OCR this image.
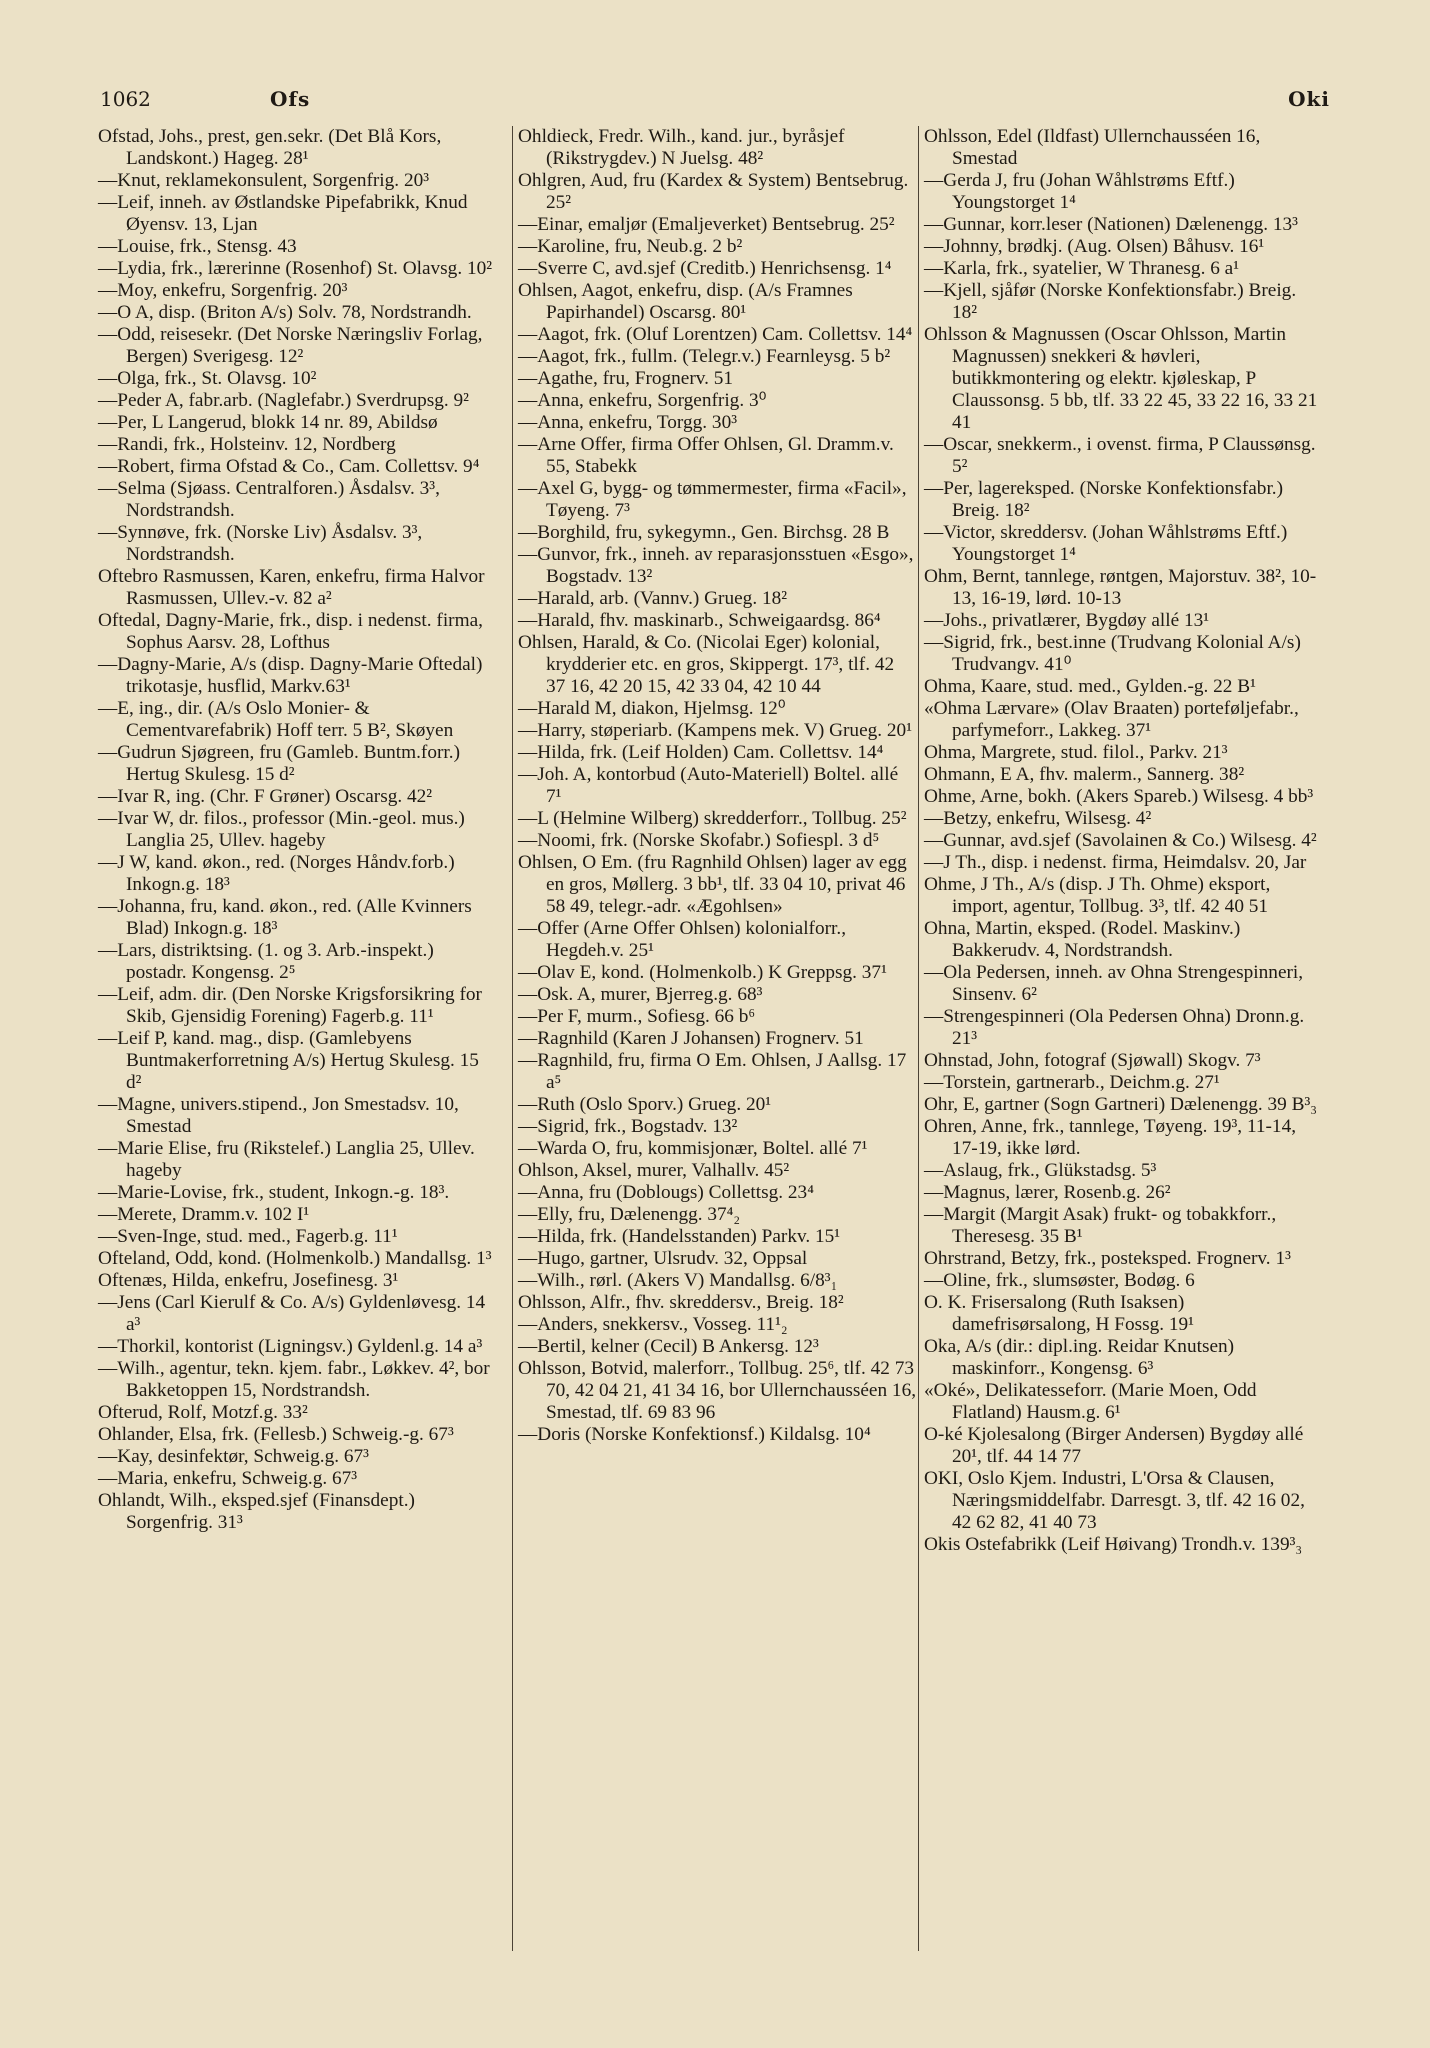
1062	Ofs	Oki

Ofstad, Johs., prest, gen.sekr. (Det Blå Kors, Landskont.) Hageg. 28¹

—Knut, reklamekonsulent, Sorgenfrig. 20³

—Leif, inneh. av Østlandske Pipefabrikk, Knud Øyensv. 13, Ljan

—Louise, frk., Stensg. 43

—Lydia, frk., lærerinne (Rosenhof) St. Olavsg. 10²

—Moy, enkefru, Sorgenfrig. 20³

—O A, disp. (Briton A/s) Solv. 78, Nordstrandh.

—Odd, reisesekr. (Det Norske Næringsliv Forlag, Bergen) Sverigesg. 12²

—Olga, frk., St. Olavsg. 10²

—Peder A, fabr.arb. (Naglefabr.) Sverdrupsg. 9²

—Per, L Langerud, blokk 14 nr. 89, Abildsø

—Randi, frk., Holsteinv. 12, Nordberg

—Robert, firma Ofstad & Co., Cam. Collettsv. 9⁴

—Selma (Sjøass. Centralforen.) Åsdalsv. 3³, Nordstrandsh.

—Synnøve, frk. (Norske Liv) Åsdalsv. 3³, Nordstrandsh.

Oftebro Rasmussen, Karen, enkefru, firma Halvor Rasmussen, Ullev.-v. 82 a²

Oftedal, Dagny-Marie, frk., disp. i nedenst. firma, Sophus Aarsv. 28, Lofthus

—Dagny-Marie, A/s (disp. Dagny-Marie Oftedal) trikotasje, husflid, Markv.63¹

—E, ing., dir. (A/s Oslo Monier- & Cementvarefabrik) Hoff terr. 5 B², Skøyen

—Gudrun Sjøgreen, fru (Gamleb. Buntm.forr.) Hertug Skulesg. 15 d²

—Ivar R, ing. (Chr. F Grøner) Oscarsg. 42²

—Ivar W, dr. filos., professor (Min.-geol. mus.) Langlia 25, Ullev. hageby

—J W, kand. økon., red. (Norges Håndv.forb.) Inkogn.g. 18³

—Johanna, fru, kand. økon., red. (Alle Kvinners Blad) Inkogn.g. 18³

—Lars, distriktsing. (1. og 3. Arb.-inspekt.) postadr. Kongensg. 2⁵

—Leif, adm. dir. (Den Norske Krigsforsikring for Skib, Gjensidig Forening) Fagerb.g. 11¹

—Leif P, kand. mag., disp. (Gamlebyens Buntmakerforretning A/s) Hertug Skulesg. 15 d²

—Magne, univers.stipend., Jon Smestadsv. 10, Smestad

—Marie Elise, fru (Rikstelef.) Langlia 25, Ullev. hageby

—Marie-Lovise, frk., student, Inkogn.-g. 18³.

—Merete, Dramm.v. 102 I¹

—Sven-Inge, stud. med., Fagerb.g. 11¹

Ofteland, Odd, kond. (Holmenkolb.) Mandallsg. 1³

Oftenæs, Hilda, enkefru, Josefinesg. 3¹

—Jens (Carl Kierulf & Co. A/s) Gyldenløvesg. 14 a³

—Thorkil, kontorist (Ligningsv.) Gyldenl.g. 14 a³

—Wilh., agentur, tekn. kjem. fabr., Løkkev. 4², bor Bakketoppen 15, Nordstrandsh.

Ofterud, Rolf, Motzf.g. 33²

Ohlander, Elsa, frk. (Fellesb.) Schweig.-g. 67³

—Kay, desinfektør, Schweig.g. 67³

—Maria, enkefru, Schweig.g. 67³

Ohlandt, Wilh., eksped.sjef (Finansdept.) Sorgenfrig. 31³

Ohldieck, Fredr. Wilh., kand. jur., byråsjef (Rikstrygdev.) N Juelsg. 48²

Ohlgren, Aud, fru (Kardex & System) Bentsebrug. 25²

—Einar, emaljør (Emaljeverket) Bentsebrug. 25²

—Karoline, fru, Neub.g. 2 b²

—Sverre C, avd.sjef (Creditb.) Henrichsensg. 1⁴

Ohlsen, Aagot, enkefru, disp. (A/s Framnes Papirhandel) Oscarsg. 80¹

—Aagot, frk. (Oluf Lorentzen) Cam. Collettsv. 14⁴

—Aagot, frk., fullm. (Telegr.v.) Fearnleysg. 5 b²

—Agathe, fru, Frognerv. 51

—Anna, enkefru, Sorgenfrig. 3⁰

—Anna, enkefru, Torgg. 30³

—Arne Offer, firma Offer Ohlsen, Gl. Dramm.v. 55, Stabekk

—Axel G, bygg- og tømmermester, firma «Facil», Tøyeng. 7³

—Borghild, fru, sykegymn., Gen. Birchsg. 28 B

—Gunvor, frk., inneh. av reparasjonsstuen «Esgo», Bogstadv. 13²

—Harald, arb. (Vannv.) Grueg. 18²

—Harald, fhv. maskinarb., Schweigaardsg. 86⁴

Ohlsen, Harald, & Co. (Nicolai Eger) kolonial, krydderier etc. en gros, Skippergt. 17³, tlf. 42 37 16, 42 20 15, 42 33 04, 42 10 44

—Harald M, diakon, Hjelmsg. 12⁰

—Harry, støperiarb. (Kampens mek. V) Grueg. 20¹

—Hilda, frk. (Leif Holden) Cam. Collettsv. 14⁴

—Joh. A, kontorbud (Auto-Materiell) Boltel. allé 7¹

—L (Helmine Wilberg) skredderforr., Tollbug. 25²

—Noomi, frk. (Norske Skofabr.) Sofiespl. 3 d⁵

Ohlsen, O Em. (fru Ragnhild Ohlsen) lager av egg en gros, Møllerg. 3 bb¹, tlf. 33 04 10, privat 46 58 49, telegr.-adr. «Ægohlsen»

—Offer (Arne Offer Ohlsen) kolonialforr., Hegdeh.v. 25¹

—Olav E, kond. (Holmenkolb.) K Greppsg. 37¹

—Osk. A, murer, Bjerreg.g. 68³

—Per F, murm., Sofiesg. 66 b⁶

—Ragnhild (Karen J Johansen) Frognerv. 51

—Ragnhild, fru, firma O Em. Ohlsen, J Aallsg. 17 a⁵

—Ruth (Oslo Sporv.) Grueg. 20¹

—Sigrid, frk., Bogstadv. 13²

—Warda O, fru, kommisjonær, Boltel. allé 7¹

Ohlson, Aksel, murer, Valhallv. 45²

—Anna, fru (Doblougs) Collettsg. 23⁴

—Elly, fru, Dælenengg. 37⁴₂

—Hilda, frk. (Handelsstanden) Parkv. 15¹

—Hugo, gartner, Ulsrudv. 32, Oppsal

—Wilh., rørl. (Akers V) Mandallsg. 6/8³₁

Ohlsson, Alfr., fhv. skreddersv., Breig. 18²

—Anders, snekkersv., Vosseg. 11¹₂

—Bertil, kelner (Cecil) B Ankersg. 12³

Ohlsson, Botvid, malerforr., Tollbug. 25⁶, tlf. 42 73 70, 42 04 21, 41 34 16, bor Ullernchausséen 16, Smestad, tlf. 69 83 96

—Doris (Norske Konfektionsf.) Kildalsg. 10⁴

Ohlsson, Edel (Ildfast) Ullernchausséen 16, Smestad

—Gerda J, fru (Johan Wåhlstrøms Eftf.) Youngstorget 1⁴

—Gunnar, korr.leser (Nationen) Dælenengg. 13³

—Johnny, brødkj. (Aug. Olsen) Båhusv. 16¹

—Karla, frk., syatelier, W Thranesg. 6 a¹

—Kjell, sjåfør (Norske Konfektionsfabr.) Breig. 18²

Ohlsson & Magnussen (Oscar Ohlsson, Martin Magnussen) snekkeri & høvleri, butikkmontering og elektr. kjøleskap, P Claussonsg. 5 bb, tlf. 33 22 45, 33 22 16, 33 21 41

—Oscar, snekkerm., i ovenst. firma, P Claussønsg. 5²

—Per, lagereksped. (Norske Konfektionsfabr.) Breig. 18²

—Victor, skreddersv. (Johan Wåhlstrøms Eftf.) Youngstorget 1⁴

Ohm, Bernt, tannlege, røntgen, Majorstuv. 38², 10-13, 16-19, lørd. 10-13

—Johs., privatlærer, Bygdøy allé 13¹

—Sigrid, frk., best.inne (Trudvang Kolonial A/s) Trudvangv. 41⁰

Ohma, Kaare, stud. med., Gylden.-g. 22 B¹

«Ohma Lærvare» (Olav Braaten) porteføljefabr., parfymeforr., Lakkeg. 37¹

Ohma, Margrete, stud. filol., Parkv. 21³

Ohmann, E A, fhv. malerm., Sannerg. 38²

Ohme, Arne, bokh. (Akers Spareb.) Wilsesg. 4 bb³

—Betzy, enkefru, Wilsesg. 4²

—Gunnar, avd.sjef (Savolainen & Co.) Wilsesg. 4²

—J Th., disp. i nedenst. firma, Heimdalsv. 20, Jar

Ohme, J Th., A/s (disp. J Th. Ohme) eksport, import, agentur, Tollbug. 3³, tlf. 42 40 51

Ohna, Martin, eksped. (Rodel. Maskinv.) Bakkerudv. 4, Nordstrandsh.

—Ola Pedersen, inneh. av Ohna Strengespinneri, Sinsenv. 6²

—Strengespinneri (Ola Pedersen Ohna) Dronn.g. 21³

Ohnstad, John, fotograf (Sjøwall) Skogv. 7³

—Torstein, gartnerarb., Deichm.g. 27¹

Ohr, E, gartner (Sogn Gartneri) Dælenengg. 39 B³₃

Ohren, Anne, frk., tannlege, Tøyeng. 19³, 11-14, 17-19, ikke lørd.

—Aslaug, frk., Glükstadsg. 5³

—Magnus, lærer, Rosenb.g. 26²

—Margit (Margit Asak) frukt- og tobakkforr., Theresesg. 35 B¹

Ohrstrand, Betzy, frk., posteksped. Frognerv. 1³

—Oline, frk., slumsøster, Bodøg. 6

O. K. Frisersalong (Ruth Isaksen) damefrisørsalong, H Fossg. 19¹

Oka, A/s (dir.: dipl.ing. Reidar Knutsen) maskinforr., Kongensg. 6³

«Oké», Delikatesseforr. (Marie Moen, Odd Flatland) Hausm.g. 6¹

O-ké Kjolesalong (Birger Andersen) Bygdøy allé 20¹, tlf. 44 14 77

OKI, Oslo Kjem. Industri, L'Orsa & Clausen, Næringsmiddelfabr. Darresgt. 3, tlf. 42 16 02, 42 62 82, 41 40 73

Okis Ostefabrikk (Leif Høivang) Trondh.v. 139³₃
